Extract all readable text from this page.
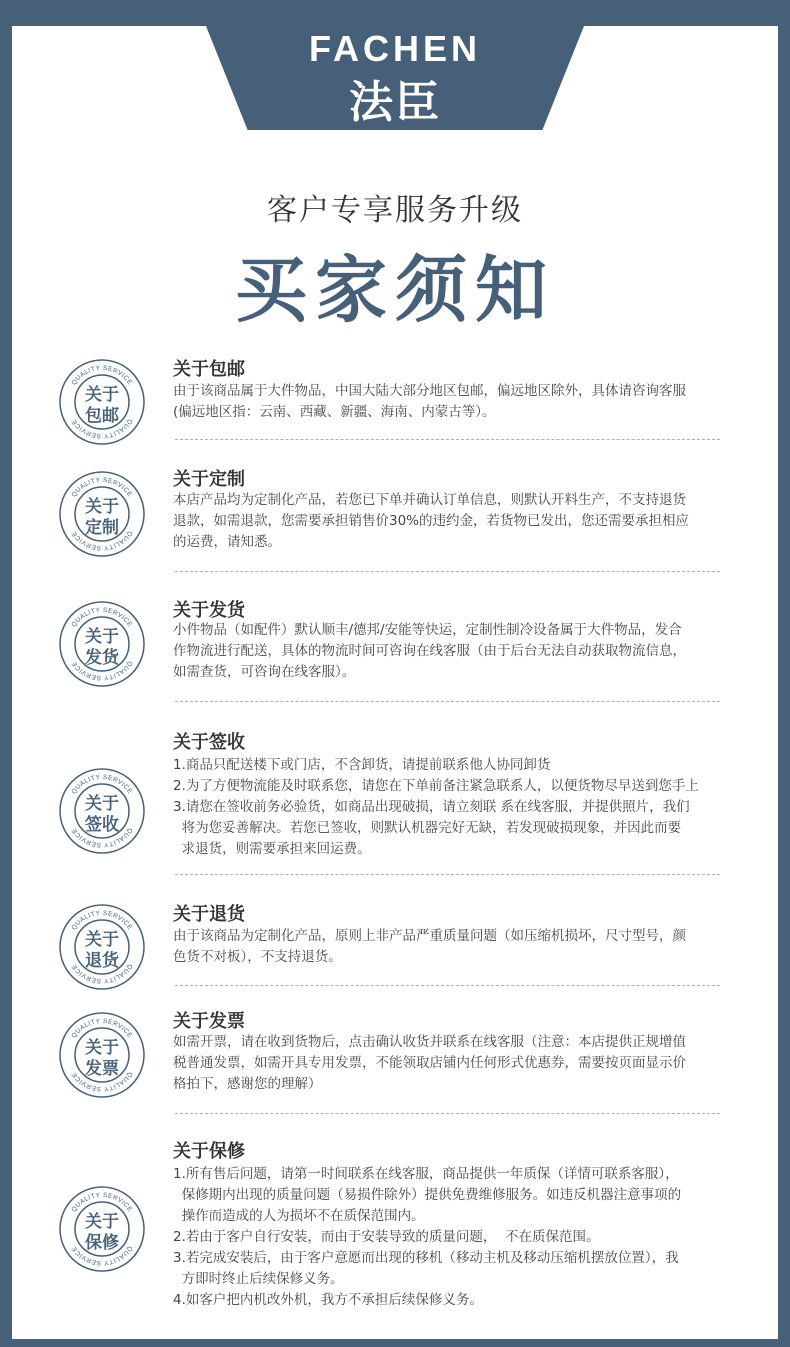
FACHEN
法臣
客户专享服务升级
买家须知
QUALITY SERVICE
QUALITY SERVICE
关于
包邮
关于包邮
由于该商品属于大件物品，中国大陆大部分地区包邮，偏远地区除外，具体请咨询客服
(偏远地区指：云南、西藏、新疆、海南、内蒙古等）。
QUALITY SERVICE
QUALITY SERVICE
关于
定制
关于定制
本店产品均为定制化产品，若您已下单并确认订单信息，则默认开料生产，不支持退货
退款，如需退款，您需要承担销售价30%的违约金，若货物已发出，您还需要承担相应
的运费，请知悉。
QUALITY SERVICE
QUALITY SERVICE
关于
发货
关于发货
小件物品（如配件）默认顺丰/德邦/安能等快运，定制性制冷设备属于大件物品，发合
作物流进行配送，具体的物流时间可咨询在线客服（由于后台无法自动获取物流信息，
如需查货，可咨询在线客服）。
QUALITY SERVICE
QUALITY SERVICE
关于
签收
关于签收
1.商品只配送楼下或门店，不含卸货，请提前联系他人协同卸货
2.为了方便物流能及时联系您，请您在下单前备注紧急联系人，以便货物尽早送到您手上
3.请您在签收前务必验货，如商品出现破损，请立刻联 系在线客服，并提供照片，我们
将为您妥善解决。若您已签收，则默认机器完好无缺，若发现破损现象，并因此而要
求退货，则需要承担来回运费。
QUALITY SERVICE
QUALITY SERVICE
关于
退货
关于退货
由于该商品为定制化产品，原则上非产品严重质量问题（如压缩机损坏，尺寸型号，颜
色货不对板），不支持退货。
QUALITY SERVICE
QUALITY SERVICE
关于
发票
关于发票
如需开票，请在收到货物后，点击确认收货并联系在线客服（注意：本店提供正规增值
税普通发票，如需开具专用发票，不能领取店铺内任何形式优惠券，需要按页面显示价
格拍下，感谢您的理解）
QUALITY SERVICE
QUALITY SERVICE
关于
保修
关于保修
1.所有售后问题，请第一时间联系在线客服，商品提供一年质保（详情可联系客服），
保修期内出现的质量问题（易损件除外）提供免费维修服务。如违反机器注意事项的
操作而造成的人为损坏不在质保范围内。
2.若由于客户自行安装，而由于安装导致的质量问题，  不在质保范围。
3.若完成安装后，由于客户意愿而出现的移机（移动主机及移动压缩机摆放位置），我
方即时终止后续保修义务。
4.如客户把内机改外机，我方不承担后续保修义务。
